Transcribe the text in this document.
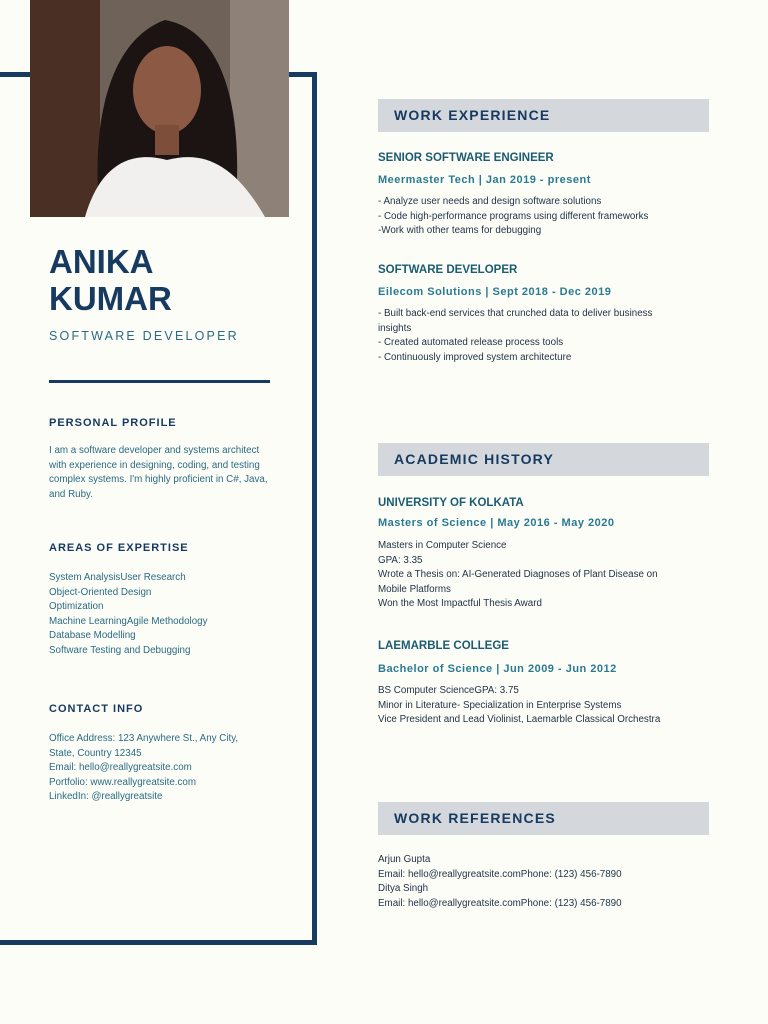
ANIKA
KUMAR
SOFTWARE DEVELOPER
PERSONAL PROFILE
I am a software developer and systems architect with experience in designing, coding, and testing complex systems. I'm highly proficient in C#, Java, and Ruby.
AREAS OF EXPERTISE
System AnalysisUser Research
Object-Oriented Design
Optimization
Machine LearningAgile Methodology
Database Modelling
Software Testing and Debugging
CONTACT INFO
Office Address: 123 Anywhere St., Any City,
State, Country 12345
Email: hello@reallygreatsite.com
Portfolio: www.reallygreatsite.com
LinkedIn: @reallygreatsite
WORK EXPERIENCE
SENIOR SOFTWARE ENGINEER
Meermaster Tech | Jan 2019 - present
- Analyze user needs and design software solutions
- Code high-performance programs using different frameworks
-Work with other teams for debugging
SOFTWARE DEVELOPER
Eilecom Solutions | Sept 2018 - Dec 2019
- Built back-end services that crunched data to deliver business insights
- Created automated release process tools
- Continuously improved system architecture
ACADEMIC HISTORY
UNIVERSITY OF KOLKATA
Masters of Science | May 2016 - May 2020
Masters in Computer Science
GPA: 3.35
Wrote a Thesis on: AI-Generated Diagnoses of Plant Disease on Mobile Platforms
Won the Most Impactful Thesis Award
LAEMARBLE COLLEGE
Bachelor of Science | Jun 2009 - Jun 2012
BS Computer ScienceGPA: 3.75
Minor in Literature- Specialization in Enterprise Systems
Vice President and Lead Violinist, Laemarble Classical Orchestra
WORK REFERENCES
Arjun Gupta
Email: hello@reallygreatsite.comPhone: (123) 456-7890
Ditya Singh
Email: hello@reallygreatsite.comPhone: (123) 456-7890
